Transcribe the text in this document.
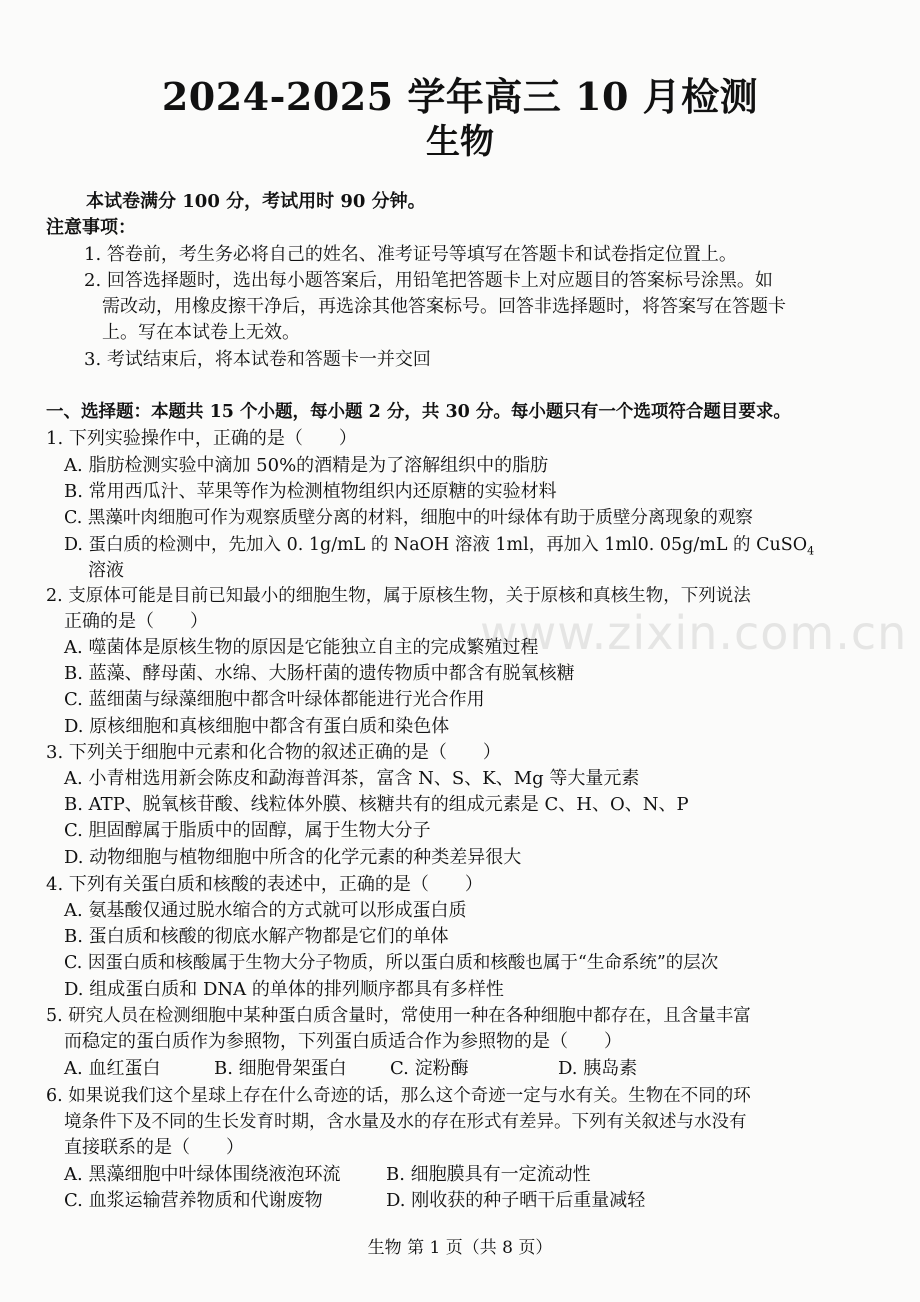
www.zixin.com.cn
2024-2025 学年高三 10 月检测
生物
本试卷满分 100 分，考试用时 90 分钟。
注意事项：
1. 答卷前，考生务必将自己的姓名、准考证号等填写在答题卡和试卷指定位置上。
2. 回答选择题时，选出每小题答案后，用铅笔把答题卡上对应题目的答案标号涂黑。如
需改动，用橡皮擦干净后，再选涂其他答案标号。回答非选择题时，将答案写在答题卡
上。写在本试卷上无效。
3. 考试结束后，将本试卷和答题卡一并交回
一、选择题：本题共 15 个小题，每小题 2 分，共 30 分。每小题只有一个选项符合题目要求。
1. 下列实验操作中，正确的是（　　）
A. 脂肪检测实验中滴加 50%的酒精是为了溶解组织中的脂肪
B. 常用西瓜汁、苹果等作为检测植物组织内还原糖的实验材料
C. 黑藻叶肉细胞可作为观察质壁分离的材料，细胞中的叶绿体有助于质壁分离现象的观察
D. 蛋白质的检测中，先加入 0. 1g/mL 的 NaOH 溶液 1ml，再加入 1ml0. 05g/mL 的 CuSO$_4$
溶液
2. 支原体可能是目前已知最小的细胞生物，属于原核生物，关于原核和真核生物，下列说法
正确的是（　　）
A. 噬菌体是原核生物的原因是它能独立自主的完成繁殖过程
B. 蓝藻、酵母菌、水绵、大肠杆菌的遗传物质中都含有脱氧核糖
C. 蓝细菌与绿藻细胞中都含叶绿体都能进行光合作用
D. 原核细胞和真核细胞中都含有蛋白质和染色体
3. 下列关于细胞中元素和化合物的叙述正确的是（　　）
A. 小青柑选用新会陈皮和勐海普洱茶，富含 N、S、K、Mg 等大量元素
B. ATP、脱氧核苷酸、线粒体外膜、核糖共有的组成元素是 C、H、O、N、P
C. 胆固醇属于脂质中的固醇，属于生物大分子
D. 动物细胞与植物细胞中所含的化学元素的种类差异很大
4. 下列有关蛋白质和核酸的表述中，正确的是（　　）
A. 氨基酸仅通过脱水缩合的方式就可以形成蛋白质
B. 蛋白质和核酸的彻底水解产物都是它们的单体
C. 因蛋白质和核酸属于生物大分子物质，所以蛋白质和核酸也属于“生命系统”的层次
D. 组成蛋白质和 DNA 的单体的排列顺序都具有多样性
5. 研究人员在检测细胞中某种蛋白质含量时，常使用一种在各种细胞中都存在，且含量丰富
而稳定的蛋白质作为参照物，下列蛋白质适合作为参照物的是（　　）
A. 血红蛋白	B. 细胞骨架蛋白 C. 淀粉酶	D. 胰岛素
6. 如果说我们这个星球上存在什么奇迹的话，那么这个奇迹一定与水有关。生物在不同的环
境条件下及不同的生长发育时期，含水量及水的存在形式有差异。下列有关叙述与水没有
直接联系的是（　　）
A. 黑藻细胞中叶绿体围绕液泡环流	B. 细胞膜具有一定流动性
C. 血浆运输营养物质和代谢废物	D. 刚收获的种子晒干后重量减轻
生物 第 1 页（共 8 页）
